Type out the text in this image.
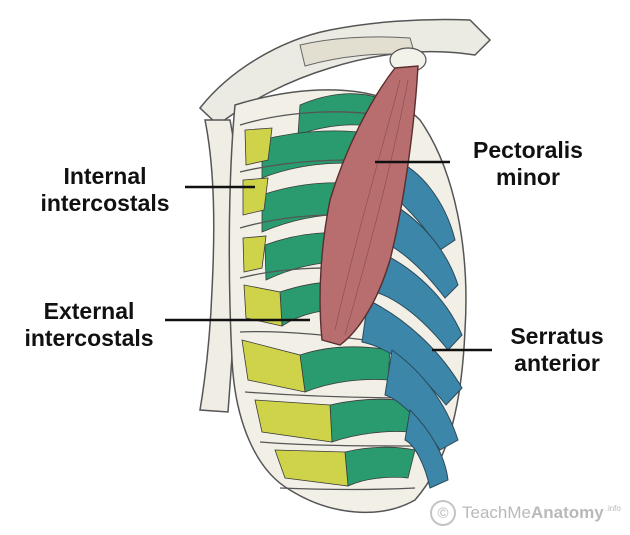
Internal
intercostals
External
intercostals
Pectoralis
minor
Serratus
anterior
© TeachMeAnatomy $^{.info}$
